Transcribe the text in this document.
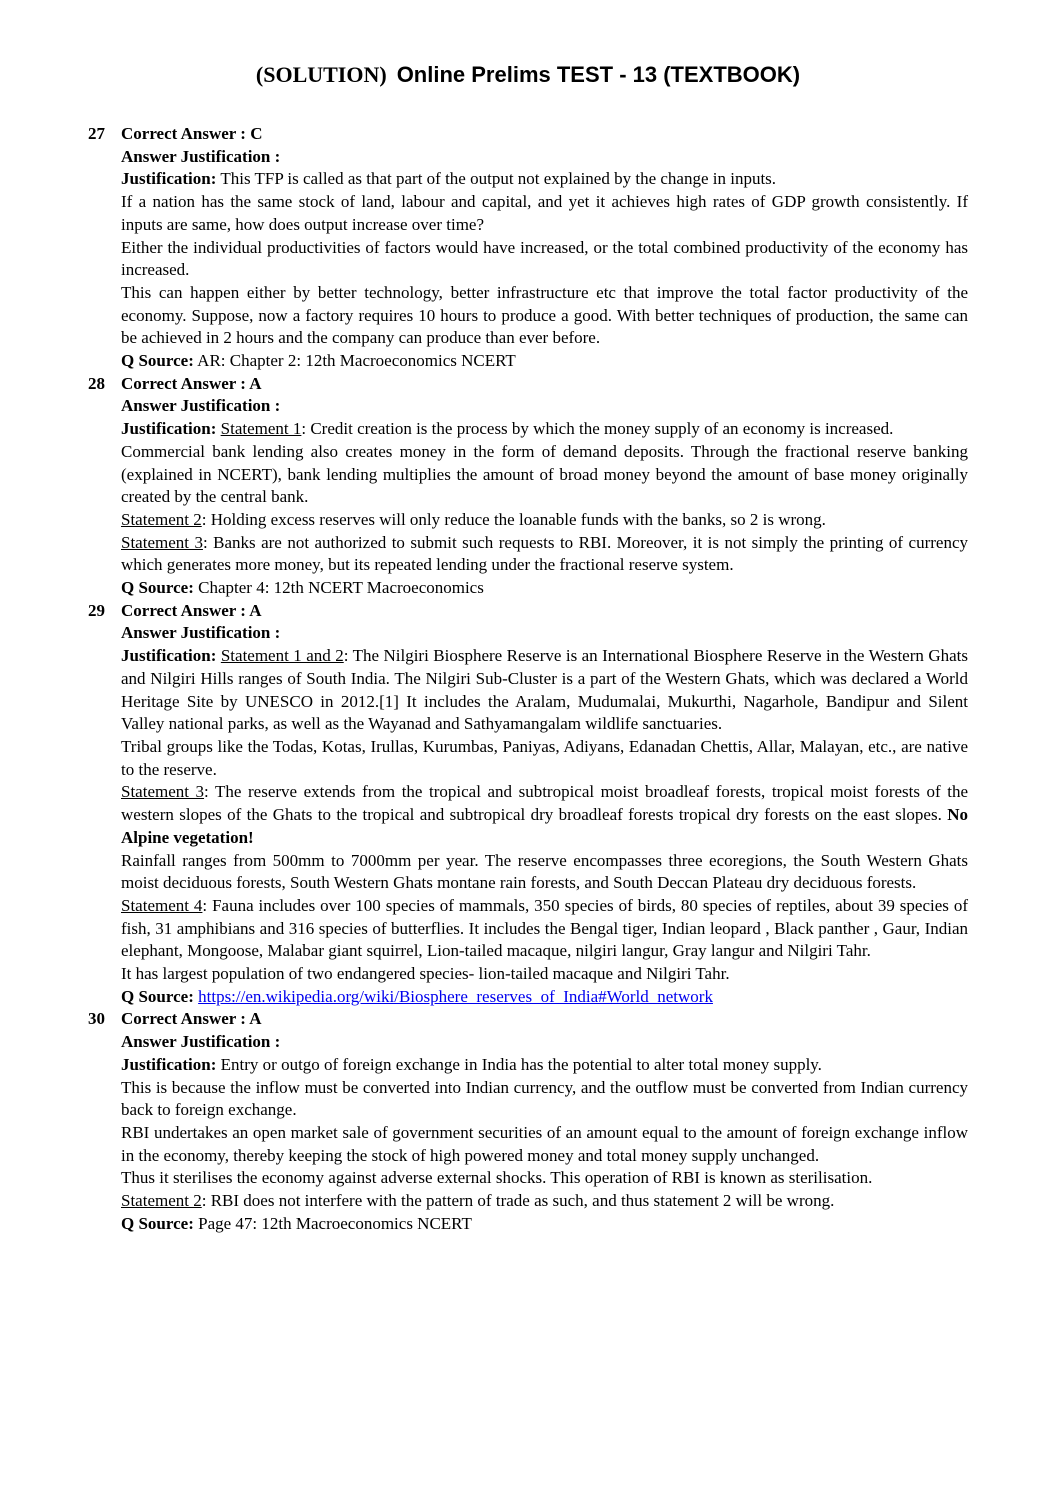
(SOLUTION) Online Prelims TEST - 13 (TEXTBOOK)
27 Correct Answer : C
Answer Justification :
Justification: This TFP is called as that part of the output not explained by the change in inputs.
If a nation has the same stock of land, labour and capital, and yet it achieves high rates of GDP growth consistently. If inputs are same, how does output increase over time?
Either the individual productivities of factors would have increased, or the total combined productivity of the economy has increased.
This can happen either by better technology, better infrastructure etc that improve the total factor productivity of the economy. Suppose, now a factory requires 10 hours to produce a good. With better techniques of production, the same can be achieved in 2 hours and the company can produce than ever before.
Q Source: AR: Chapter 2: 12th Macroeconomics NCERT
28 Correct Answer : A
Answer Justification :
Justification: Statement 1: Credit creation is the process by which the money supply of an economy is increased.
Commercial bank lending also creates money in the form of demand deposits. Through the fractional reserve banking (explained in NCERT), bank lending multiplies the amount of broad money beyond the amount of base money originally created by the central bank.
Statement 2: Holding excess reserves will only reduce the loanable funds with the banks, so 2 is wrong.
Statement 3: Banks are not authorized to submit such requests to RBI. Moreover, it is not simply the printing of currency which generates more money, but its repeated lending under the fractional reserve system.
Q Source: Chapter 4: 12th NCERT Macroeconomics
29 Correct Answer : A
Answer Justification :
Justification: Statement 1 and 2: The Nilgiri Biosphere Reserve is an International Biosphere Reserve in the Western Ghats and Nilgiri Hills ranges of South India. The Nilgiri Sub-Cluster is a part of the Western Ghats, which was declared a World Heritage Site by UNESCO in 2012.[1] It includes the Aralam, Mudumalai, Mukurthi, Nagarhole, Bandipur and Silent Valley national parks, as well as the Wayanad and Sathyamangalam wildlife sanctuaries.
Tribal groups like the Todas, Kotas, Irullas, Kurumbas, Paniyas, Adiyans, Edanadan Chettis, Allar, Malayan, etc., are native to the reserve.
Statement 3: The reserve extends from the tropical and subtropical moist broadleaf forests, tropical moist forests of the western slopes of the Ghats to the tropical and subtropical dry broadleaf forests tropical dry forests on the east slopes. No Alpine vegetation!
Rainfall ranges from 500mm to 7000mm per year. The reserve encompasses three ecoregions, the South Western Ghats moist deciduous forests, South Western Ghats montane rain forests, and South Deccan Plateau dry deciduous forests.
Statement 4: Fauna includes over 100 species of mammals, 350 species of birds, 80 species of reptiles, about 39 species of fish, 31 amphibians and 316 species of butterflies. It includes the Bengal tiger, Indian leopard , Black panther , Gaur, Indian elephant, Mongoose, Malabar giant squirrel, Lion-tailed macaque, nilgiri langur, Gray langur and Nilgiri Tahr.
It has largest population of two endangered species- lion-tailed macaque and Nilgiri Tahr.
Q Source: https://en.wikipedia.org/wiki/Biosphere_reserves_of_India#World_network
30 Correct Answer : A
Answer Justification :
Justification: Entry or outgo of foreign exchange in India has the potential to alter total money supply.
This is because the inflow must be converted into Indian currency, and the outflow must be converted from Indian currency back to foreign exchange.
RBI undertakes an open market sale of government securities of an amount equal to the amount of foreign exchange inflow in the economy, thereby keeping the stock of high powered money and total money supply unchanged.
Thus it sterilises the economy against adverse external shocks. This operation of RBI is known as sterilisation.
Statement 2: RBI does not interfere with the pattern of trade as such, and thus statement 2 will be wrong.
Q Source: Page 47: 12th Macroeconomics NCERT
